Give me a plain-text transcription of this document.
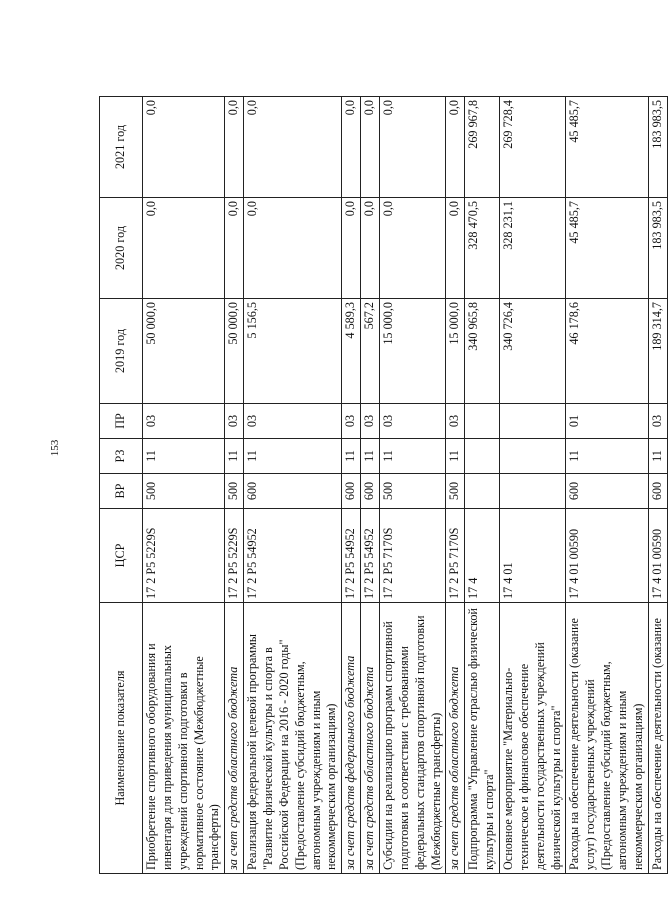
153
Наименование показателя	ЦСР	ВР	РЗ	ПР	2019 год	2020 год	2021 год
Приобретение спортивного оборудования и инвентаря для приведения муниципальных учреждений спортивной подготовки в нормативное состояние (Межбюджетные трансферты)	17 2 P5 5229S	500	11	03	50 000,0	0,0	0,0
за счет средств областного бюджета	17 2 P5 5229S	500	11	03	50 000,0	0,0	0,0
Реализация федеральной целевой программы "Развитие физической культуры и спорта в Российской Федерации на 2016 - 2020 годы" (Предоставление субсидий бюджетным, автономным учреждениям и иным некоммерческим организациям)	17 2 P5 54952	600	11	03	5 156,5	0,0	0,0
за счет средств федерального бюджета	17 2 P5 54952	600	11	03	4 589,3	0,0	0,0
за счет средств областного бюджета	17 2 P5 54952	600	11	03	567,2	0,0	0,0
Субсидии на реализацию программ спортивной подготовки в соответствии с требованиями федеральных стандартов спортивной подготовки (Межбюджетные трансферты)	17 2 P5 7170S	500	11	03	15 000,0	0,0	0,0
за счет средств областного бюджета	17 2 P5 7170S	500	11	03	15 000,0	0,0	0,0
Подпрограмма "Управление отраслью физической культуры и спорта"	17 4				340 965,8	328 470,5	269 967,8
Основное мероприятие "Материально-техническое и финансовое обеспечение деятельности государственных учреждений физической культуры и спорта"	17 4 01				340 726,4	328 231,1	269 728,4
Расходы на обеспечение деятельности (оказание услуг) государственных учреждений (Предоставление субсидий бюджетным, автономным учреждениям и иным некоммерческим организациям)	17 4 01 00590	600	11	01	46 178,6	45 485,7	45 485,7
Расходы на обеспечение деятельности (оказание	17 4 01 00590	600	11	03	189 314,7	183 983,5	183 983,5
